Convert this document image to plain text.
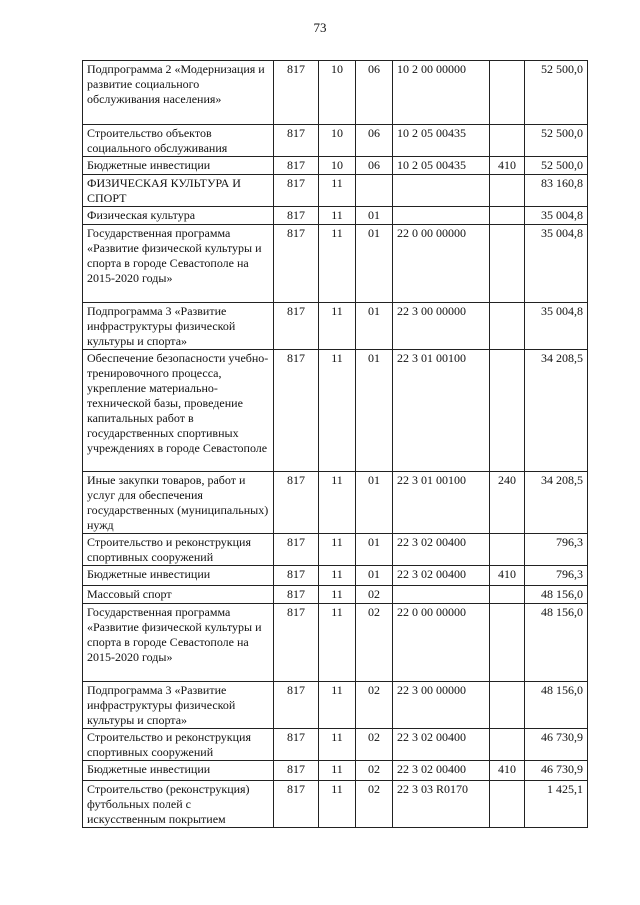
73
Подпрограмма 2 «Модернизация и развитие социального обслуживания населения»	817	10	06	10 2 00 00000		52 500,0
Строительство объектов социального обслуживания	817	10	06	10 2 05 00435		52 500,0
Бюджетные инвестиции	817	10	06	10 2 05 00435	410	52 500,0
ФИЗИЧЕСКАЯ КУЛЬТУРА И СПОРТ	817	11				83 160,8
Физическая культура	817	11	01			35 004,8
Государственная программа «Развитие физической культуры и спорта в городе Севастополе на 2015-2020 годы»	817	11	01	22 0 00 00000		35 004,8
Подпрограмма 3 «Развитие инфраструктуры физической культуры и спорта»	817	11	01	22 3 00 00000		35 004,8
Обеспечение безопасности учебно-тренировочного процесса, укрепление материально-технической базы, проведение капитальных работ в государственных спортивных учреждениях в городе Севастополе	817	11	01	22 3 01 00100		34 208,5
Иные закупки товаров, работ и услуг для обеспечения государственных (муниципальных) нужд	817	11	01	22 3 01 00100	240	34 208,5
Строительство и реконструкция спортивных сооружений	817	11	01	22 3 02 00400		796,3
Бюджетные инвестиции	817	11	01	22 3 02 00400	410	796,3
Массовый спорт	817	11	02			48 156,0
Государственная программа «Развитие физической культуры и спорта в городе Севастополе на 2015-2020 годы»	817	11	02	22 0 00 00000		48 156,0
Подпрограмма 3 «Развитие инфраструктуры физической культуры и спорта»	817	11	02	22 3 00 00000		48 156,0
Строительство и реконструкция спортивных сооружений	817	11	02	22 3 02 00400		46 730,9
Бюджетные инвестиции	817	11	02	22 3 02 00400	410	46 730,9
Строительство (реконструкция) футбольных полей с искусственным покрытием	817	11	02	22 3 03 R0170		1 425,1
